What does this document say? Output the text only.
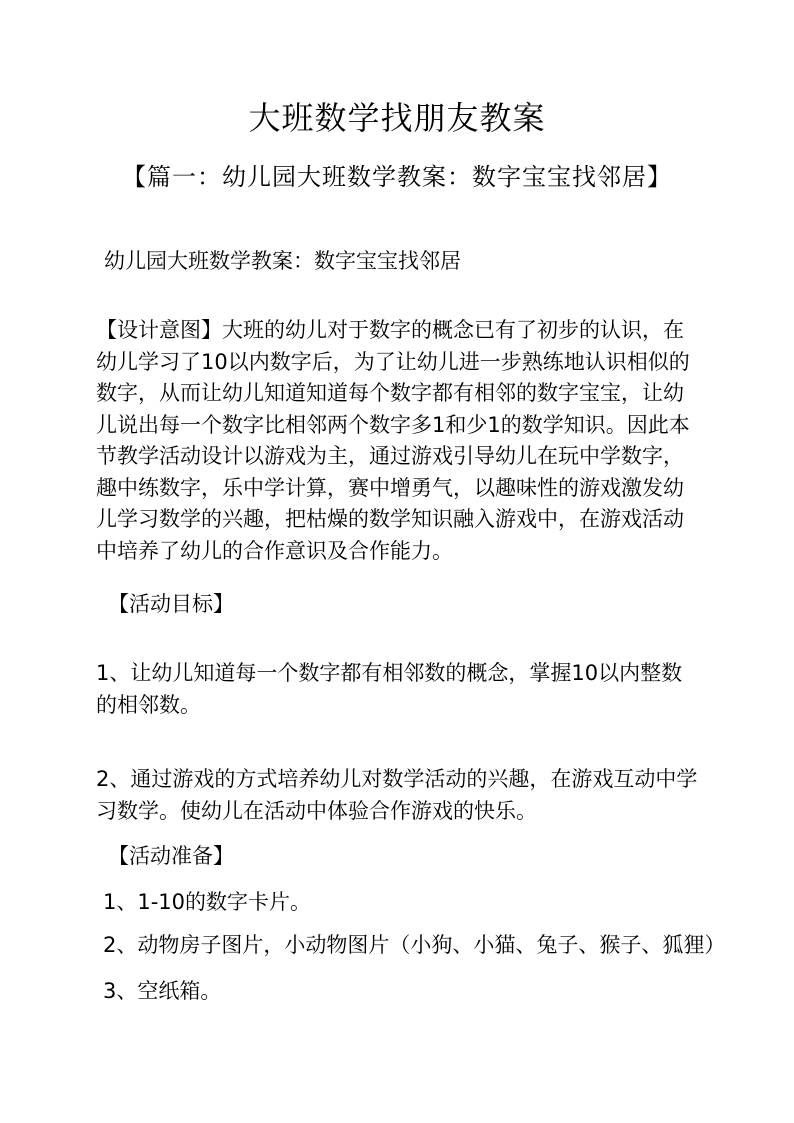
大班数学找朋友教案
【篇一：幼儿园大班数学教案：数字宝宝找邻居】
幼儿园大班数学教案：数字宝宝找邻居
【设计意图】大班的幼儿对于数字的概念已有了初步的认识，在幼儿学习了10以内数字后，为了让幼儿进一步熟练地认识相似的数字，从而让幼儿知道知道每个数字都有相邻的数字宝宝，让幼儿说出每一个数字比相邻两个数字多1和少1的数学知识。因此本节教学活动设计以游戏为主，通过游戏引导幼儿在玩中学数字，趣中练数字，乐中学计算，赛中增勇气，以趣味性的游戏激发幼儿学习数学的兴趣，把枯燥的数学知识融入游戏中，在游戏活动中培养了幼儿的合作意识及合作能力。
【活动目标】
1、让幼儿知道每一个数字都有相邻数的概念，掌握10以内整数的相邻数。
2、通过游戏的方式培养幼儿对数学活动的兴趣，在游戏互动中学习数学。使幼儿在活动中体验合作游戏的快乐。
【活动准备】
1、1-10的数字卡片。
2、动物房子图片，小动物图片（小狗、小猫、兔子、猴子、狐狸）
3、空纸箱。
